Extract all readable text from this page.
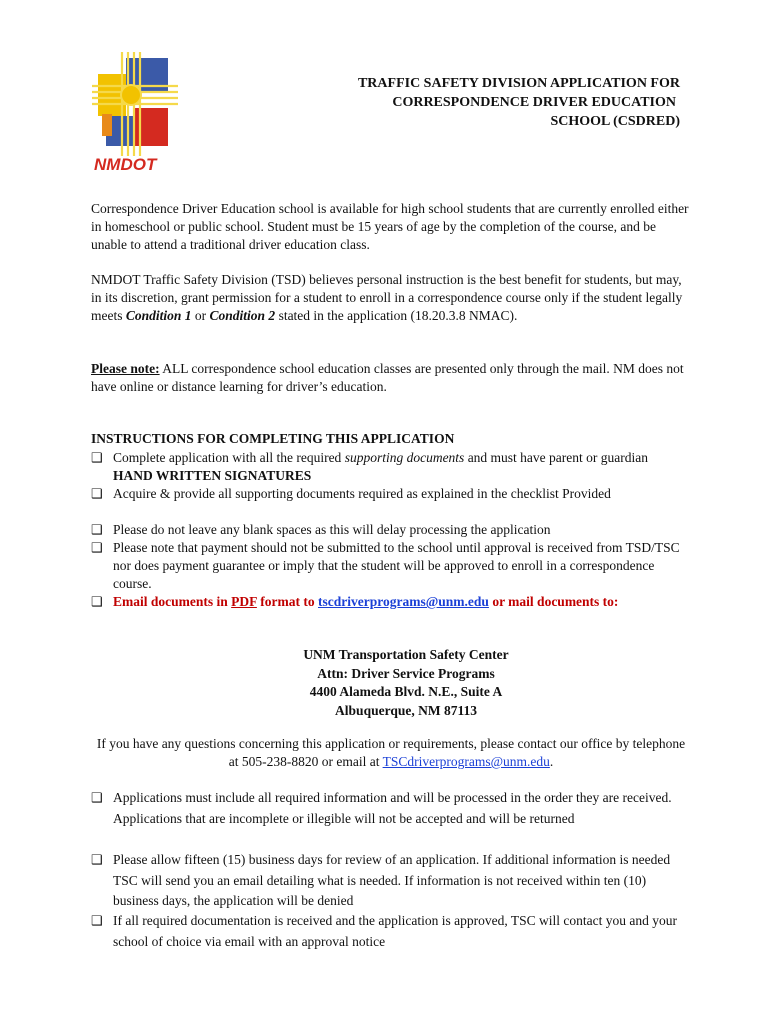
NMDOT
TRAFFIC SAFETY DIVISION APPLICATION FOR
CORRESPONDENCE DRIVER EDUCATION
SCHOOL (CSDRED)
Correspondence Driver Education school is available for high school students that are currently enrolled either in homeschool or public school. Student must be 15 years of age by the completion of the course, and be unable to attend a traditional driver education class.
NMDOT Traffic Safety Division (TSD) believes personal instruction is the best benefit for students, but may, in its discretion, grant permission for a student to enroll in a correspondence course only if the student legally meets Condition 1 or Condition 2 stated in the application (18.20.3.8 NMAC).
Please note: ALL correspondence school education classes are presented only through the mail. NM does not have online or distance learning for driver’s education.
INSTRUCTIONS FOR COMPLETING THIS APPLICATION
❑ Complete application with all the required supporting documents and must have parent or guardian HAND WRITTEN SIGNATURES
❑ Acquire & provide all supporting documents required as explained in the checklist Provided
❑ Please do not leave any blank spaces as this will delay processing the application
❑ Please note that payment should not be submitted to the school until approval is received from TSD/TSC nor does payment guarantee or imply that the student will be approved to enroll in a correspondence course.
❑ Email documents in PDF format to tscdriverprograms@unm.edu or mail documents to:
UNM Transportation Safety Center
Attn: Driver Service Programs
4400 Alameda Blvd. N.E., Suite A
Albuquerque, NM 87113
If you have any questions concerning this application or requirements, please contact our office by telephone at 505-238-8820 or email at TSCdriverprograms@unm.edu.
❑ Applications must include all required information and will be processed in the order they are received. Applications that are incomplete or illegible will not be accepted and will be returned
❑ Please allow fifteen (15) business days for review of an application. If additional information is needed TSC will send you an email detailing what is needed. If information is not received within ten (10) business days, the application will be denied
❑ If all required documentation is received and the application is approved, TSC will contact you and your school of choice via email with an approval notice
